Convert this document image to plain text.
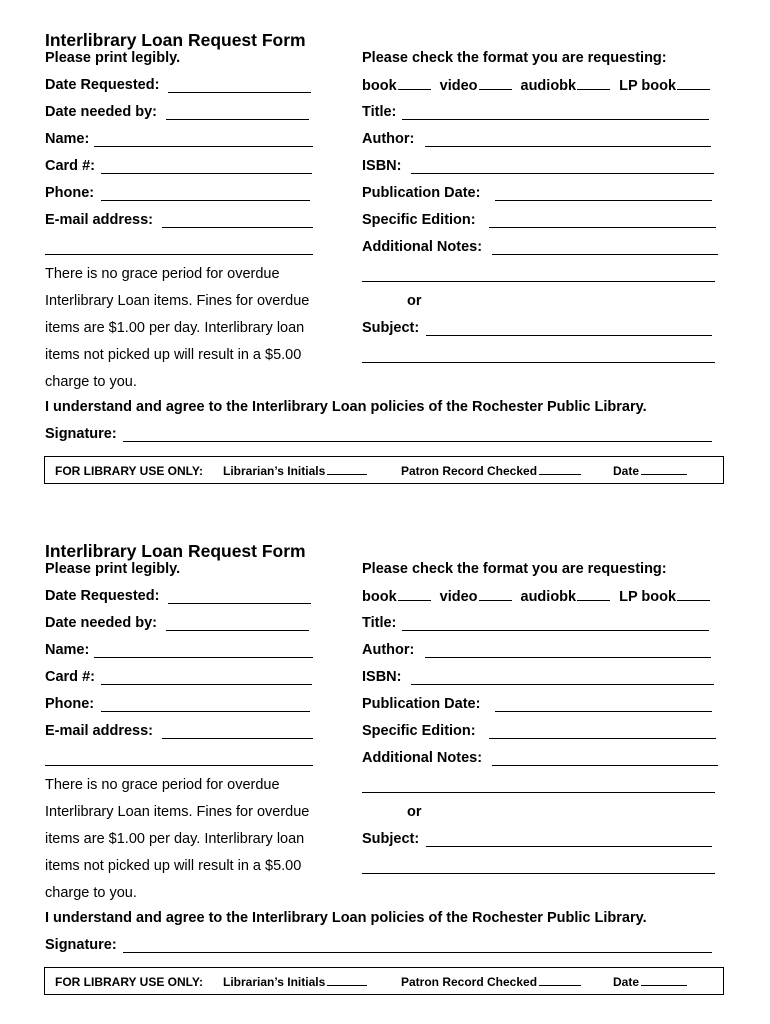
Interlibrary Loan Request Form
Please print legibly.	Please check the format you are requesting:
Date Requested:	book	video	audiobk	LP book
Date needed by:	Title:
Name:	Author:
Card #:	ISBN:
Phone:	Publication Date:
E-mail address:	Specific Edition:
Additional Notes:
There is no grace period for overdue
Interlibrary Loan items. Fines for overdue
items are $1.00 per day. Interlibrary loan
items not picked up will result in a $5.00
charge to you.
or
Subject:
I understand and agree to the Interlibrary Loan policies of the Rochester Public Library.
Signature:
FOR LIBRARY USE ONLY: Librarian’s Initials	Patron Record Checked	Date
Interlibrary Loan Request Form
Please print legibly.	Please check the format you are requesting:
Date Requested:	book	video	audiobk	LP book
Date needed by:	Title:
Name:	Author:
Card #:	ISBN:
Phone:	Publication Date:
E-mail address:	Specific Edition:
Additional Notes:
There is no grace period for overdue
Interlibrary Loan items. Fines for overdue
items are $1.00 per day. Interlibrary loan
items not picked up will result in a $5.00
charge to you.
or
Subject:
I understand and agree to the Interlibrary Loan policies of the Rochester Public Library.
Signature:
FOR LIBRARY USE ONLY: Librarian’s Initials	Patron Record Checked	Date
